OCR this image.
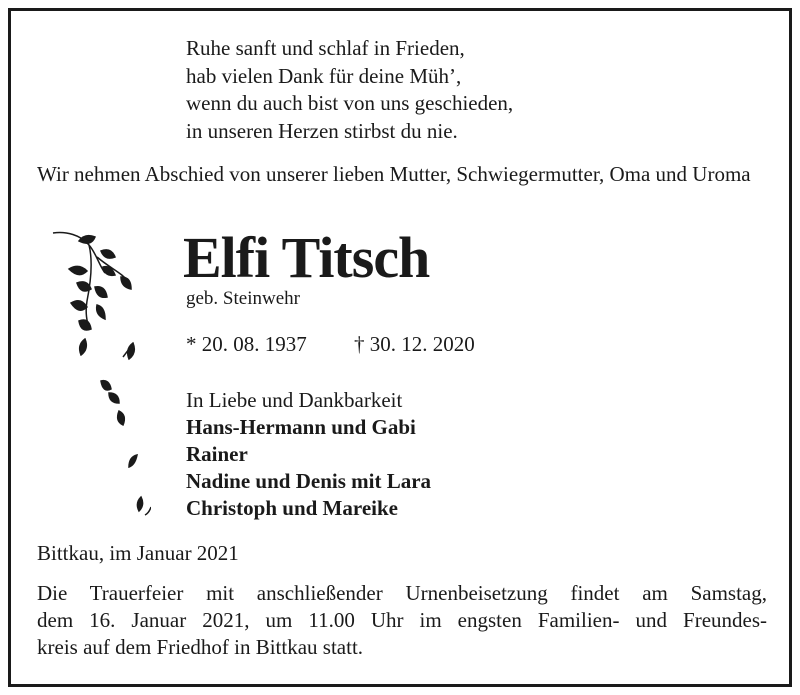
Ruhe sanft und schlaf in Frieden,
hab vielen Dank für deine Müh’,
wenn du auch bist von uns geschieden,
in unseren Herzen stirbst du nie.
Wir nehmen Abschied von unserer lieben Mutter, Schwiegermutter, Oma und Uroma
Elfi Titsch
geb. Steinwehr
* 20. 08. 1937 † 30. 12. 2020
In Liebe und Dankbarkeit
Hans-Hermann und Gabi
Rainer
Nadine und Denis mit Lara
Christoph und Mareike
Bittkau, im Januar 2021
Die Trauerfeier mit anschließender Urnenbeisetzung findet am Samstag,
dem 16. Januar 2021, um 11.00 Uhr im engsten Familien- und Freundes-
kreis auf dem Friedhof in Bittkau statt.
